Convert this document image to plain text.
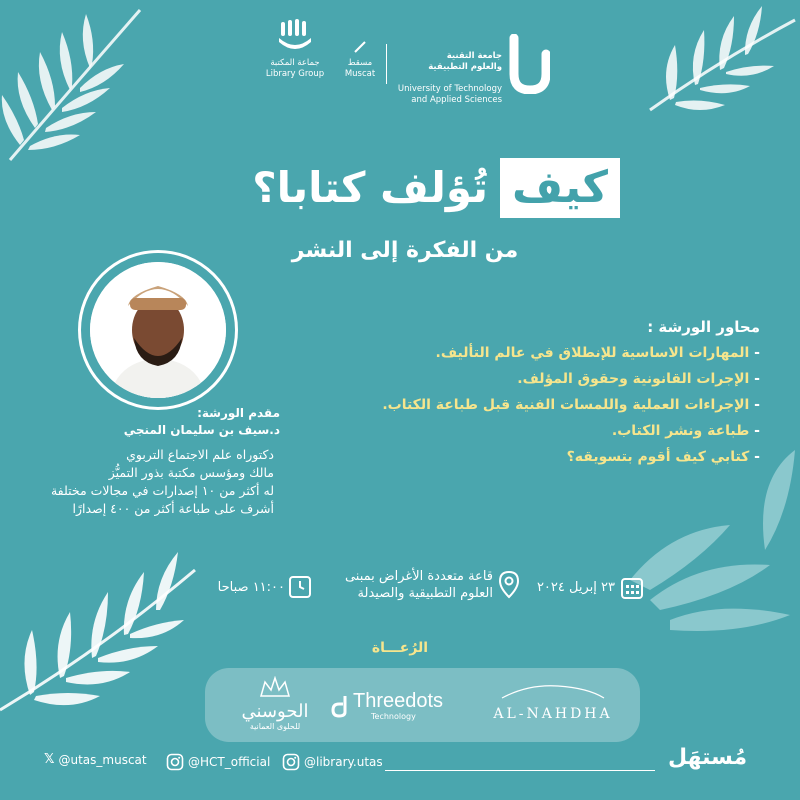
جماعة المكتبة
Library Group
مسقط
Muscat

جامعة التقنية
والعلوم التطبيقية

University of Technology
and Applied Sciences

كيف
تُؤلف كتابا؟
من الفكرة إلى النشر
مقدم الورشة:
د.سيف بن سليمان المنجي
دكتوراه علم الاجتماع التربوي
مالك ومؤسس مكتبة بذور التميُّز
له أكثر من ١٠ إصدارات في مجالات مختلفة
أشرف على طباعة أكثر من ٤٠٠ إصدارًا
محاور الورشة :
- المهارات الاساسية للإنطلاق في عالم التأليف.
- الإجرات القانونية وحقوق المؤلف.
- الإجراءات العملية واللمسات الفنية قبل طباعة الكتاب.
- طباعة ونشر الكتاب.
- كتابي كيف أقوم بتسويقه؟
٢٣ إبريل ٢٠٢٤
قاعة متعددة الأغراض بمبنى
العلوم التطبيقية والصيدلة
١١:٠٠ صباحا
الرُعـــاة
الحوسني
للحلوى العمانية
Threedots
Technology	AL-NAHDHA
𝕏 @utas_muscat	@HCT_official	@library.utas	مُستهَل
